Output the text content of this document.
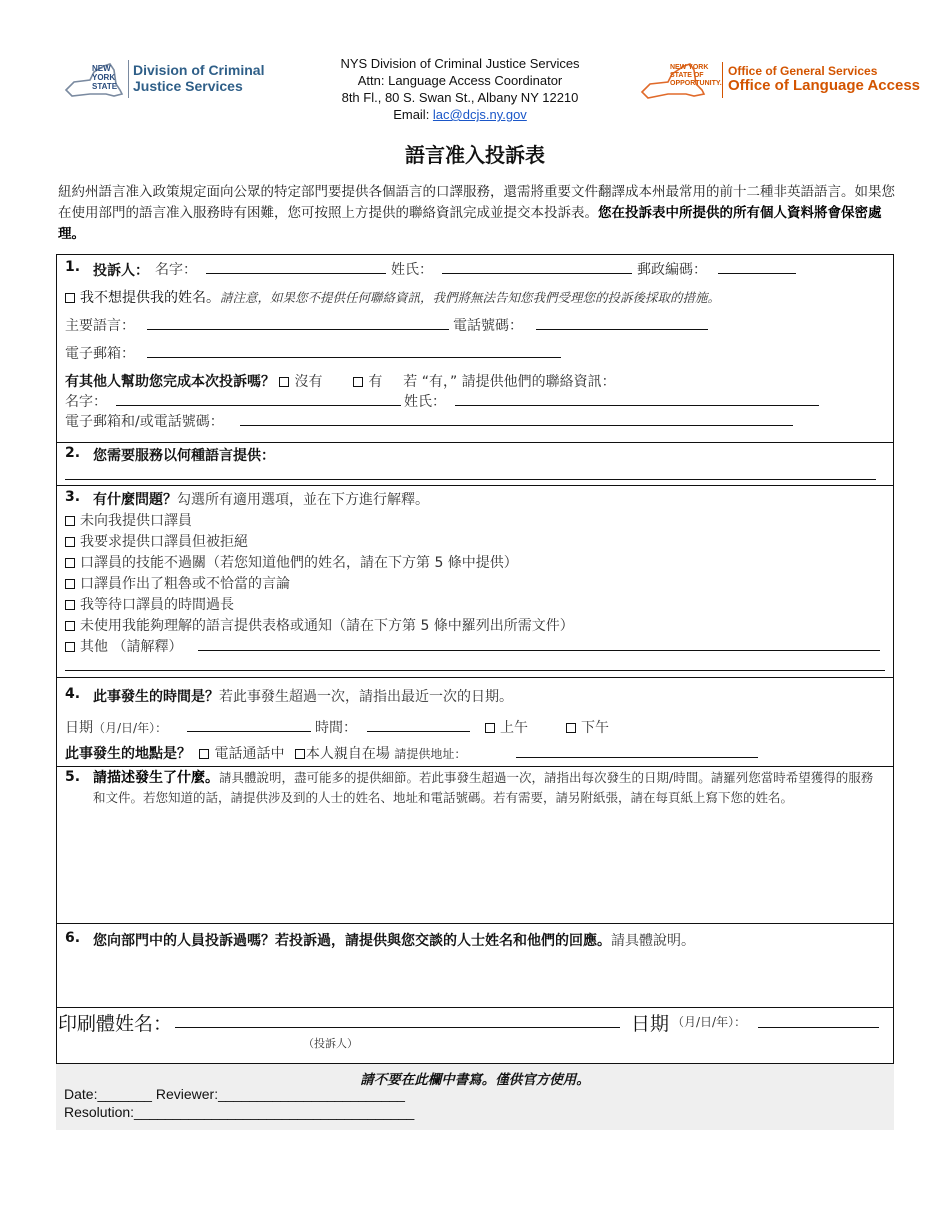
NEW YORK STATE
Division of Criminal
Justice Services
NYS Division of Criminal Justice Services
Attn: Language Access Coordinator
8th Fl., 80 S. Swan St., Albany NY 12210
Email: lac@dcjs.ny.gov
NEW YORK STATE OF OPPORTUNITY.
Office of General Services
Office of Language Access
語言准入投訴表
紐約州語言准入政策規定面向公眾的特定部門要提供各個語言的口譯服務，還需將重要文件翻譯成本州最常用的前十二種非英語語言。如果您在使用部門的語言准入服務時有困難，您可按照上方提供的聯絡資訊完成並提交本投訴表。您在投訴表中所提供的所有個人資料將會保密處理。
1. 投訴人： 名字：	姓氏：	郵政編碼：
我不想提供我的姓名。請注意，如果您不提供任何聯絡資訊，我們將無法告知您我們受理您的投訴後採取的措施。
主要語言：	電話號碼：
電子郵箱：
有其他人幫助您完成本次投訴嗎？ 沒有	有 若 “有，” 請提供他們的聯絡資訊：
名字：	姓氏：
電子郵箱和/或電話號碼：
2. 您需要服務以何種語言提供：
3. 有什麼問題？勾選所有適用選項，並在下方進行解釋。
未向我提供口譯員
我要求提供口譯員但被拒絕
口譯員的技能不過關（若您知道他們的姓名，請在下方第 5 條中提供）
口譯員作出了粗魯或不恰當的言論
我等待口譯員的時間過長
未使用我能夠理解的語言提供表格或通知（請在下方第 5 條中羅列出所需文件）
其他 （請解釋）
4. 此事發生的時間是？若此事發生超過一次，請指出最近一次的日期。
日期（月/日/年）：	時間：	上午	下午
此事發生的地點是？ 電話通話中 本人親自在場 請提供地址：
5. 請描述發生了什麼。請具體說明，盡可能多的提供細節。若此事發生超過一次，請指出每次發生的日期/時間。請羅列您當時希望獲得的服務和文件。若您知道的話，請提供涉及到的人士的姓名、地址和電話號碼。若有需要，請另附紙張，請在每頁紙上寫下您的姓名。
6. 您向部門中的人員投訴過嗎？若投訴過，請提供與您交談的人士姓名和他們的回應。請具體說明。
印刷體姓名：	日期 （月/日/年）：
（投訴人）
請不要在此欄中書寫。僅供官方使用。
Date:_______ Reviewer:________________________
Resolution:____________________________________
